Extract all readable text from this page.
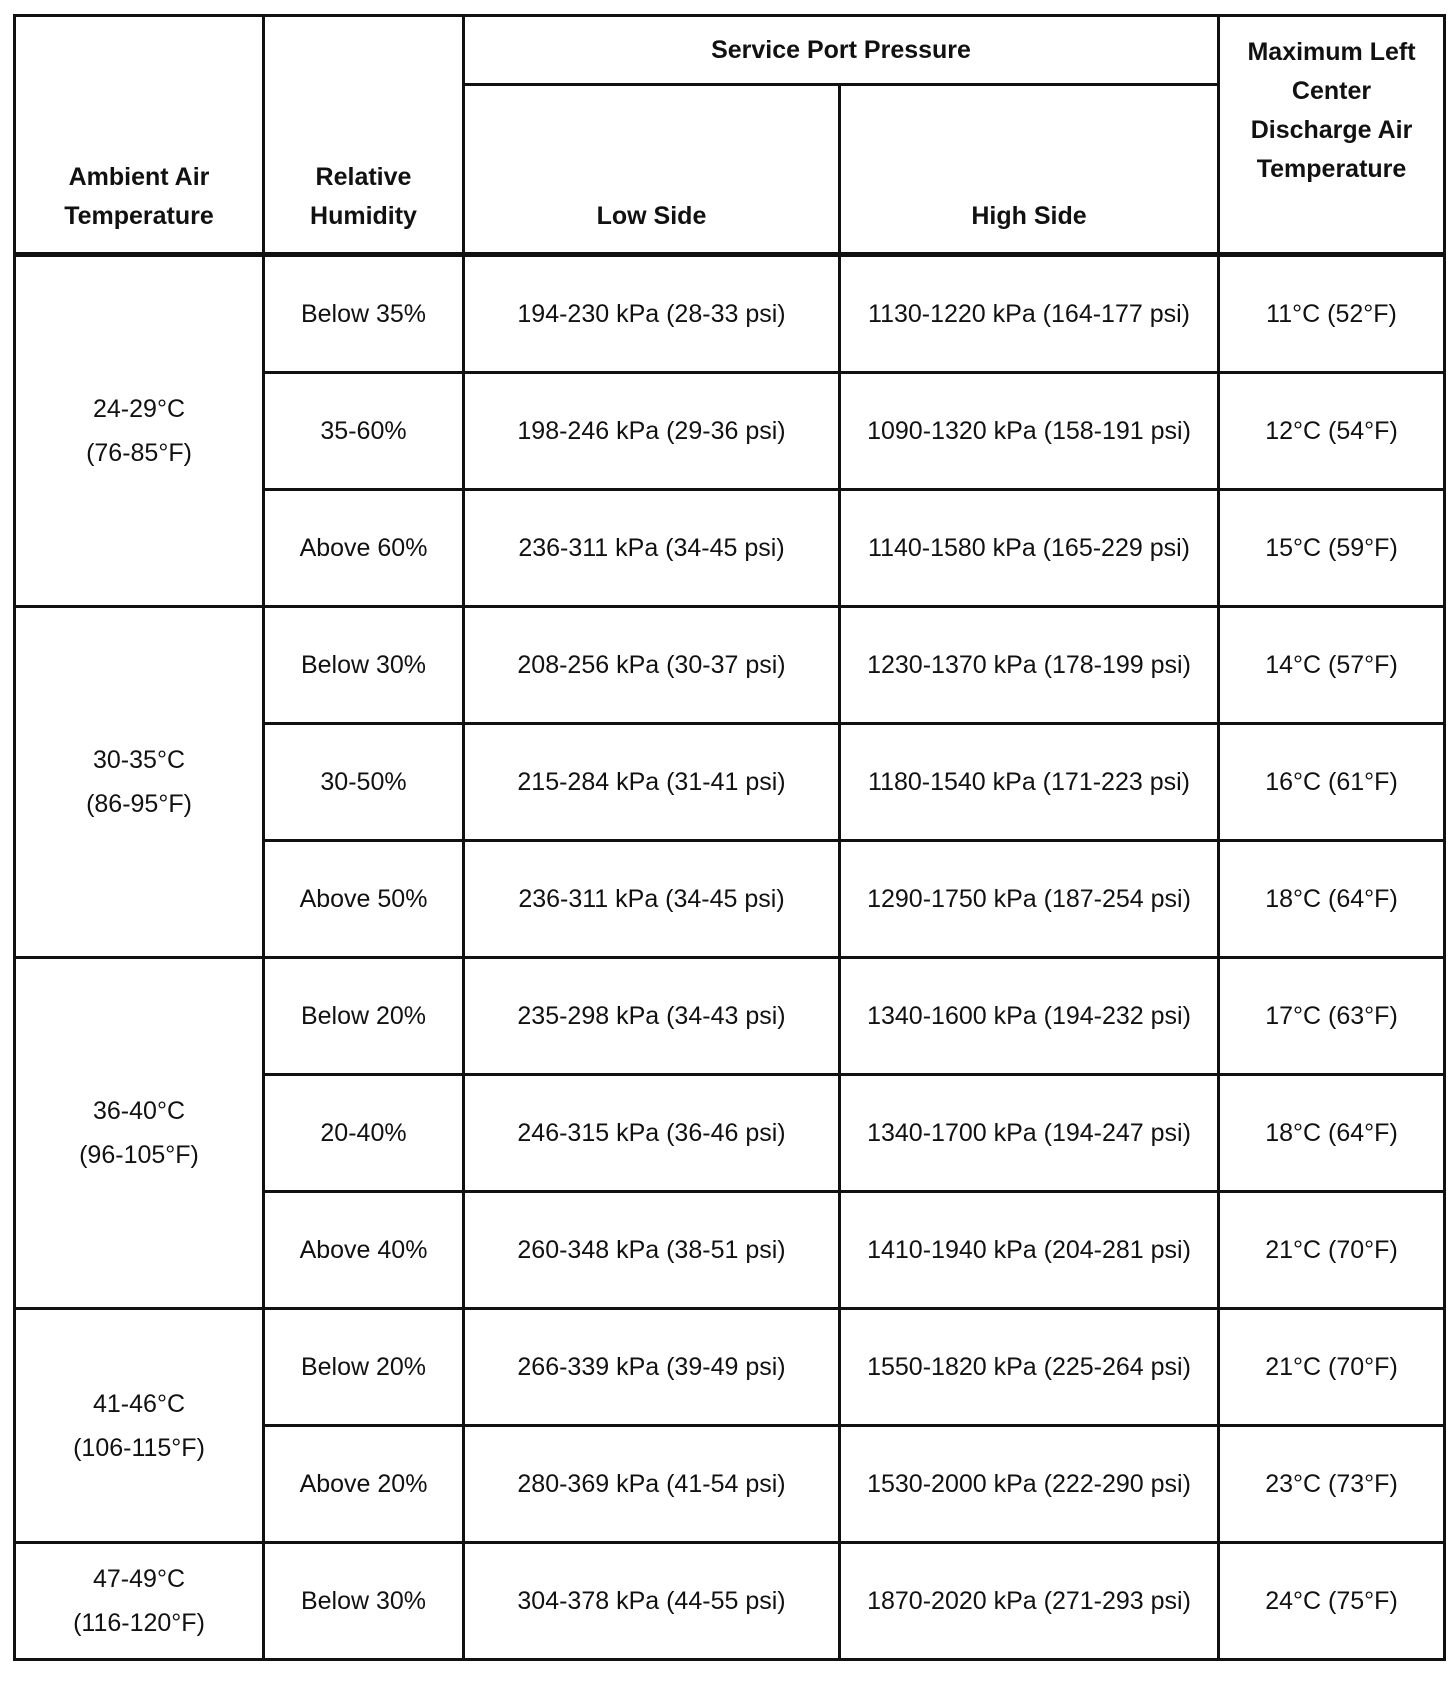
Ambient Air Temperature	Relative Humidity	Service Port Pressure		Maximum Left Center Discharge Air Temperature
		Low Side	High Side	

24-29°C
(76-85°F)	Below 35%	194-230 kPa (28-33 psi)	1130-1220 kPa (164-177 psi)	11°C (52°F)
	35-60%	198-246 kPa (29-36 psi)	1090-1320 kPa (158-191 psi)	12°C (54°F)
	Above 60%	236-311 kPa (34-45 psi)	1140-1580 kPa (165-229 psi)	15°C (59°F)

30-35°C
(86-95°F)	Below 30%	208-256 kPa (30-37 psi)	1230-1370 kPa (178-199 psi)	14°C (57°F)
	30-50%	215-284 kPa (31-41 psi)	1180-1540 kPa (171-223 psi)	16°C (61°F)
	Above 50%	236-311 kPa (34-45 psi)	1290-1750 kPa (187-254 psi)	18°C (64°F)

36-40°C
(96-105°F)	Below 20%	235-298 kPa (34-43 psi)	1340-1600 kPa (194-232 psi)	17°C (63°F)
	20-40%	246-315 kPa (36-46 psi)	1340-1700 kPa (194-247 psi)	18°C (64°F)
	Above 40%	260-348 kPa (38-51 psi)	1410-1940 kPa (204-281 psi)	21°C (70°F)

41-46°C
(106-115°F)	Below 20%	266-339 kPa (39-49 psi)	1550-1820 kPa (225-264 psi)	21°C (70°F)
	Above 20%	280-369 kPa (41-54 psi)	1530-2000 kPa (222-290 psi)	23°C (73°F)

47-49°C
(116-120°F)	Below 30%	304-378 kPa (44-55 psi)	1870-2020 kPa (271-293 psi)	24°C (75°F)
